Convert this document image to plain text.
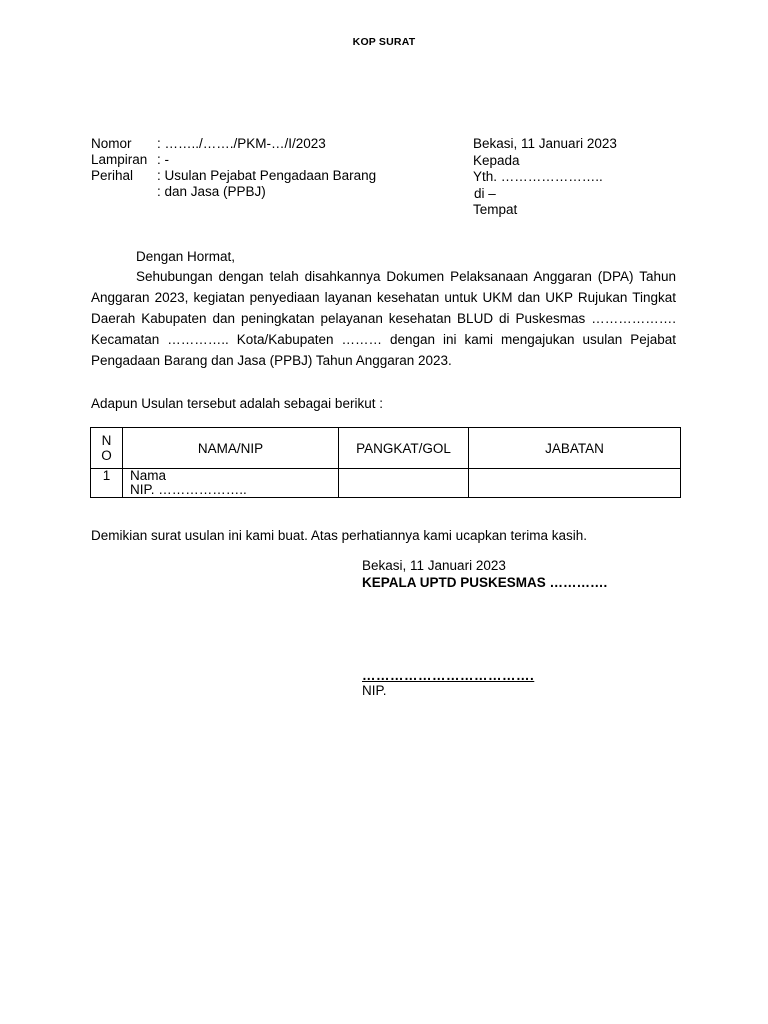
KOP SURAT
Nomor	: ……../……./PKM-…/I/2023
Lampiran : -
Perihal	: Usulan Pejabat Pengadaan Barang
: dan Jasa (PPBJ)
Bekasi, 11 Januari 2023
Kepada
Yth. …………………..
di –
Tempat
Dengan Hormat,
Sehubungan dengan telah disahkannya Dokumen Pelaksanaan Anggaran (DPA) Tahun Anggaran 2023, kegiatan penyediaan layanan kesehatan untuk UKM dan UKP Rujukan Tingkat Daerah Kabupaten dan peningkatan pelayanan kesehatan BLUD di Puskesmas ………………. Kecamatan ………….. Kota/Kabupaten ……… dengan ini kami mengajukan usulan Pejabat Pengadaan Barang dan Jasa (PPBJ) Tahun Anggaran 2023.
Adapun Usulan tersebut adalah sebagai berikut :
N
O	NAMA/NIP	PANGKAT/GOL	JABATAN
1	Nama
NIP. ………………..		

Demikian surat usulan ini kami buat. Atas perhatiannya kami ucapkan terima kasih.
Bekasi, 11 Januari 2023
KEPALA UPTD PUSKESMAS ………….
……………………………….
NIP.
